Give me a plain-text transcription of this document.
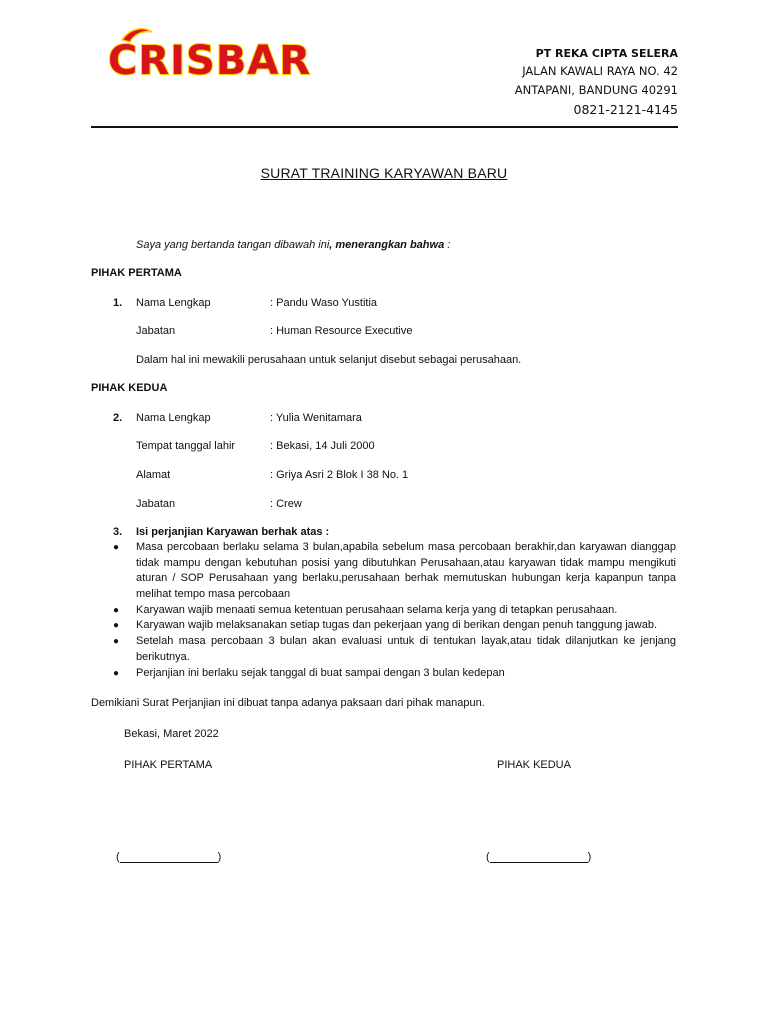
CRISBAR	PT REKA CIPTA SELERA
JALAN KAWALI RAYA NO. 42
ANTAPANI, BANDUNG 40291
0821-2121-4145
SURAT TRAINING KARYAWAN BARU
Saya yang bertanda tangan dibawah ini, menerangkan bahwa :
PIHAK PERTAMA
1. Nama Lengkap	: Pandu Waso Yustitia
Jabatan	: Human Resource Executive
Dalam hal ini mewakili perusahaan untuk selanjut disebut sebagai perusahaan.
PIHAK KEDUA
2. Nama Lengkap	: Yulia Wenitamara
Tempat tanggal lahir	: Bekasi, 14 Juli 2000
Alamat	: Griya Asri 2 Blok I 38 No. 1
Jabatan	: Crew
3. Isi perjanjian Karyawan berhak atas :
● Masa percobaan berlaku selama 3 bulan,apabila sebelum masa percobaan berakhir,dan karyawan dianggap tidak mampu dengan kebutuhan posisi yang dibutuhkan Perusahaan,atau karyawan tidak mampu mengikuti aturan / SOP Perusahaan yang berlaku,perusahaan berhak memutuskan hubungan kerja kapanpun tanpa melihat tempo masa percobaan
● Karyawan wajib menaati semua ketentuan perusahaan selama kerja yang di tetapkan perusahaan.
● Karyawan wajib melaksanakan setiap tugas dan pekerjaan yang di berikan dengan penuh tanggung jawab.
● Setelah masa percobaan 3 bulan akan evaluasi untuk di tentukan layak,atau tidak dilanjutkan ke jenjang berikutnya.
● Perjanjian ini berlaku sejak tanggal di buat sampai dengan 3 bulan kedepan
Demikiani Surat Perjanjian ini dibuat tanpa adanya paksaan dari pihak manapun.
Bekasi, Maret 2022
PIHAK PERTAMA	PIHAK KEDUA
(	)	(	)
